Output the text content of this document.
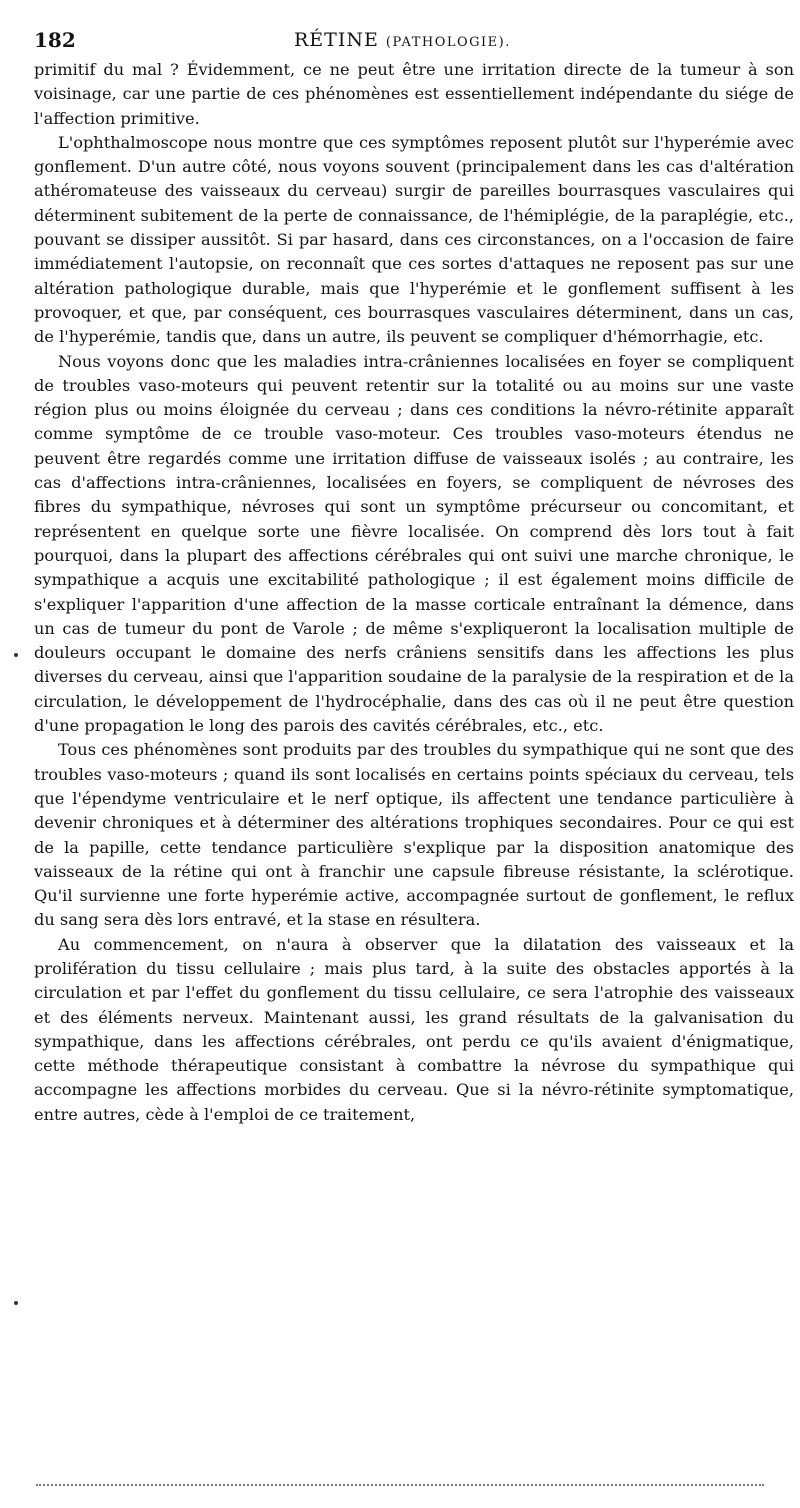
182	RÉTINE (PATHOLOGIE).

primitif du mal ? Évidemment, ce ne peut être une irritation directe de la tumeur à son voisinage, car une partie de ces phénomènes est essentiellement indépendante du siége de l'affection primitive.

L'ophthalmoscope nous montre que ces symptômes reposent plutôt sur l'hyperémie avec gonflement. D'un autre côté, nous voyons souvent (principalement dans les cas d'altération athéromateuse des vaisseaux du cerveau) surgir de pareilles bourrasques vasculaires qui déterminent subitement de la perte de connaissance, de l'hémiplégie, de la paraplégie, etc., pouvant se dissiper aussitôt. Si par hasard, dans ces circonstances, on a l'occasion de faire immédiatement l'autopsie, on reconnaît que ces sortes d'attaques ne reposent pas sur une altération pathologique durable, mais que l'hyperémie et le gonflement suffisent à les provoquer, et que, par conséquent, ces bourrasques vasculaires déterminent, dans un cas, de l'hyperémie, tandis que, dans un autre, ils peuvent se compliquer d'hémorrhagie, etc.

Nous voyons donc que les maladies intra-crâniennes localisées en foyer se compliquent de troubles vaso-moteurs qui peuvent retentir sur la totalité ou au moins sur une vaste région plus ou moins éloignée du cerveau ; dans ces conditions la névro-rétinite apparaît comme symptôme de ce trouble vaso-moteur. Ces troubles vaso-moteurs étendus ne peuvent être regardés comme une irritation diffuse de vaisseaux isolés ; au contraire, les cas d'affections intra-crâniennes, localisées en foyers, se compliquent de névroses des fibres du sympathique, névroses qui sont un symptôme précurseur ou concomitant, et représentent en quelque sorte une fièvre localisée. On comprend dès lors tout à fait pourquoi, dans la plupart des affections cérébrales qui ont suivi une marche chronique, le sympathique a acquis une excitabilité pathologique ; il est également moins difficile de s'expliquer l'apparition d'une affection de la masse corticale entraînant la démence, dans un cas de tumeur du pont de Varole ; de même s'expliqueront la localisation multiple de douleurs occupant le domaine des nerfs crâniens sensitifs dans les affections les plus diverses du cerveau, ainsi que l'apparition soudaine de la paralysie de la respiration et de la circulation, le développement de l'hydrocéphalie, dans des cas où il ne peut être question d'une propagation le long des parois des cavités cérébrales, etc., etc.

Tous ces phénomènes sont produits par des troubles du sympathique qui ne sont que des troubles vaso-moteurs ; quand ils sont localisés en certains points spéciaux du cerveau, tels que l'épendyme ventriculaire et le nerf optique, ils affectent une tendance particulière à devenir chroniques et à déterminer des altérations trophiques secondaires. Pour ce qui est de la papille, cette tendance particulière s'explique par la disposition anatomique des vaisseaux de la rétine qui ont à franchir une capsule fibreuse résistante, la sclérotique. Qu'il survienne une forte hyperémie active, accompagnée surtout de gonflement, le reflux du sang sera dès lors entravé, et la stase en résultera.

Au commencement, on n'aura à observer que la dilatation des vaisseaux et la prolifération du tissu cellulaire ; mais plus tard, à la suite des obstacles apportés à la circulation et par l'effet du gonflement du tissu cellulaire, ce sera l'atrophie des vaisseaux et des éléments nerveux. Maintenant aussi, les grand résultats de la galvanisation du sympathique, dans les affections cérébrales, ont perdu ce qu'ils avaient d'énigmatique, cette méthode thérapeutique consistant à combattre la névrose du sympathique qui accompagne les affections morbides du cerveau. Que si la névro-rétinite symptomatique, entre autres, cède à l'emploi de ce traitement,
